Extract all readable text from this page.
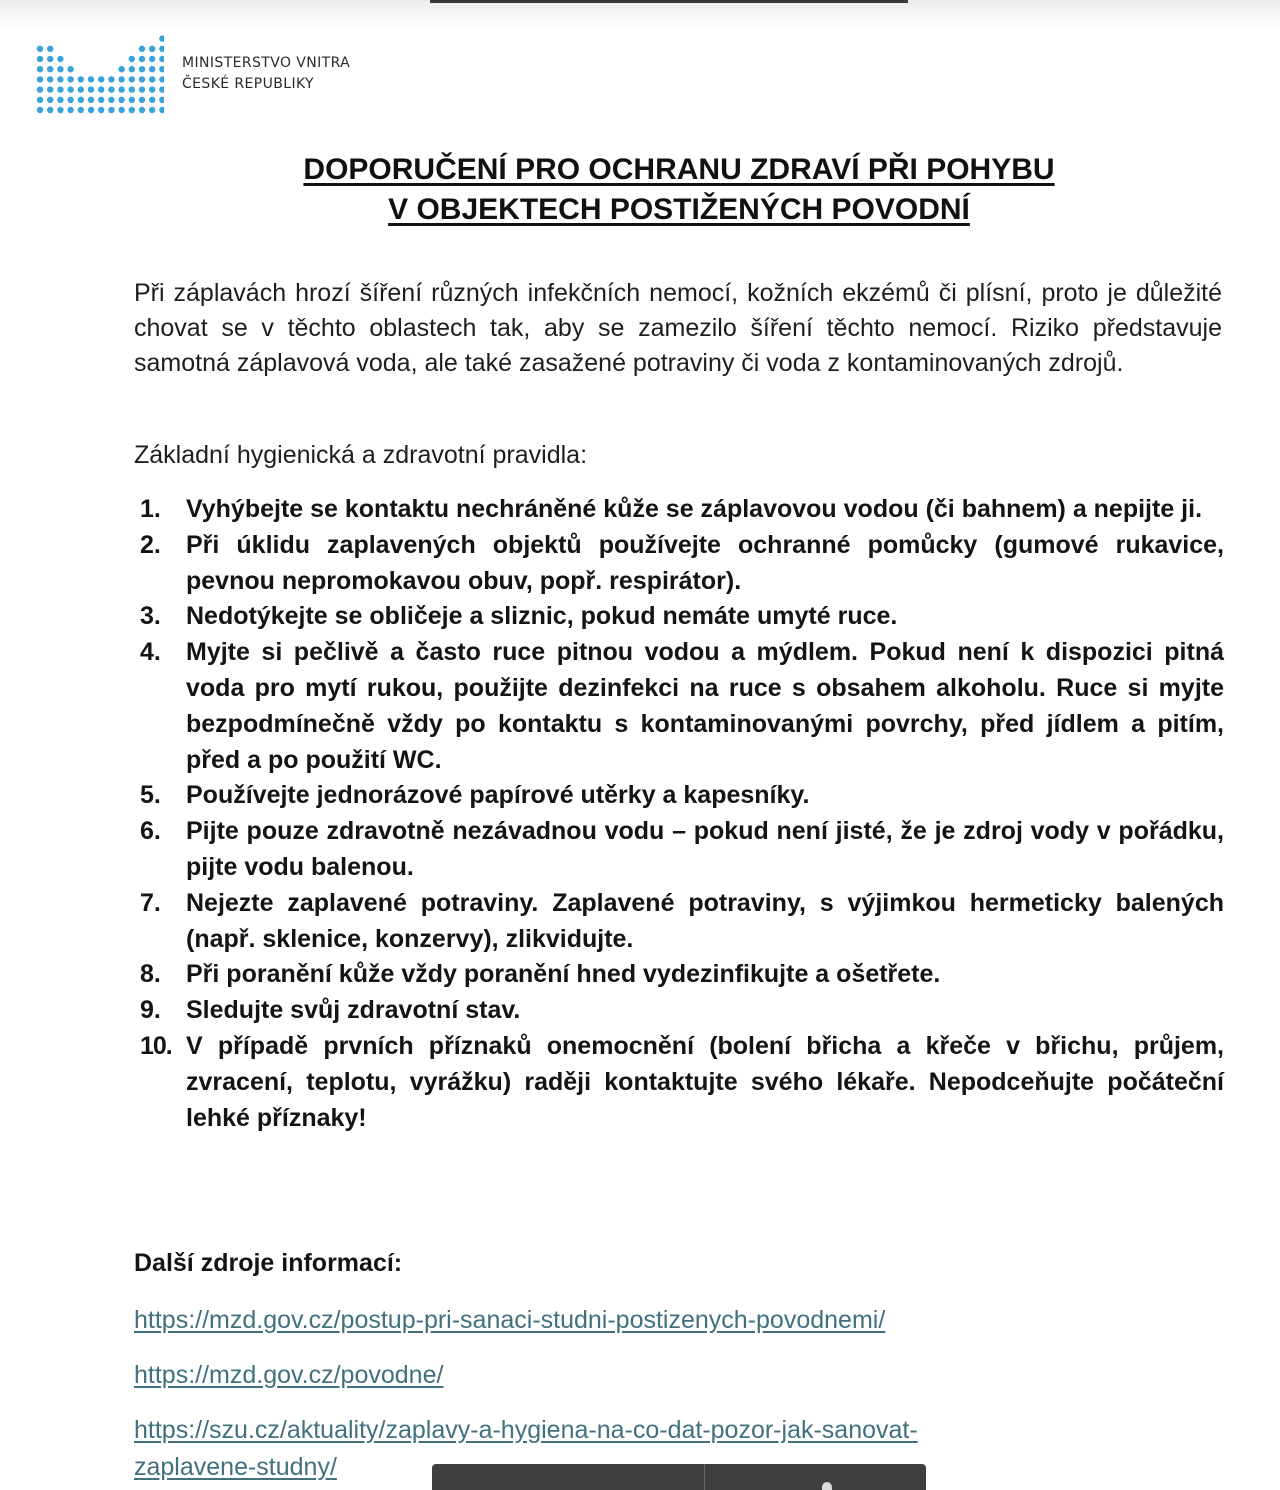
MINISTERSTVO VNITRA
ČESKÉ REPUBLIKY
DOPORUČENÍ PRO OCHRANU ZDRAVÍ PŘI POHYBU
V OBJEKTECH POSTIŽENÝCH POVODNÍ
Při záplavách hrozí šíření různých infekčních nemocí, kožních ekzémů či plísní, proto je důležité chovat se v těchto oblastech tak, aby se zamezilo šíření těchto nemocí. Riziko představuje samotná záplavová voda, ale také zasažené potraviny či voda z kontaminovaných zdrojů.
Základní hygienická a zdravotní pravidla:
1.	Vyhýbejte se kontaktu nechráněné kůže se záplavovou vodou (či bahnem) a nepijte ji.
2.	Při úklidu zaplavených objektů používejte ochranné pomůcky (gumové rukavice, pevnou nepromokavou obuv, popř. respirátor).
3.	Nedotýkejte se obličeje a sliznic, pokud nemáte umyté ruce.
4.	Myjte si pečlivě a často ruce pitnou vodou a mýdlem. Pokud není k dispozici pitná voda pro mytí rukou, použijte dezinfekci na ruce s obsahem alkoholu. Ruce si myjte bezpodmínečně vždy po kontaktu s kontaminovanými povrchy, před jídlem a pitím, před a po použití WC.
5.	Používejte jednorázové papírové utěrky a kapesníky.
6.	Pijte pouze zdravotně nezávadnou vodu – pokud není jisté, že je zdroj vody v pořádku, pijte vodu balenou.
7.	Nejezte zaplavené potraviny. Zaplavené potraviny, s výjimkou hermeticky balených (např. sklenice, konzervy), zlikvidujte.
8.	Při poranění kůže vždy poranění hned vydezinfikujte a ošetřete.
9.	Sledujte svůj zdravotní stav.
10. V případě prvních příznaků onemocnění (bolení břicha a křeče v břichu, průjem, zvracení, teplotu, vyrážku) raději kontaktujte svého lékaře. Nepodceňujte počáteční lehké příznaky!
Další zdroje informací:
https://mzd.gov.cz/postup-pri-sanaci-studni-postizenych-povodnemi/
https://mzd.gov.cz/povodne/
https://szu.cz/aktuality/zaplavy-a-hygiena-na-co-dat-pozor-jak-sanovat-
zaplavene-studny/
